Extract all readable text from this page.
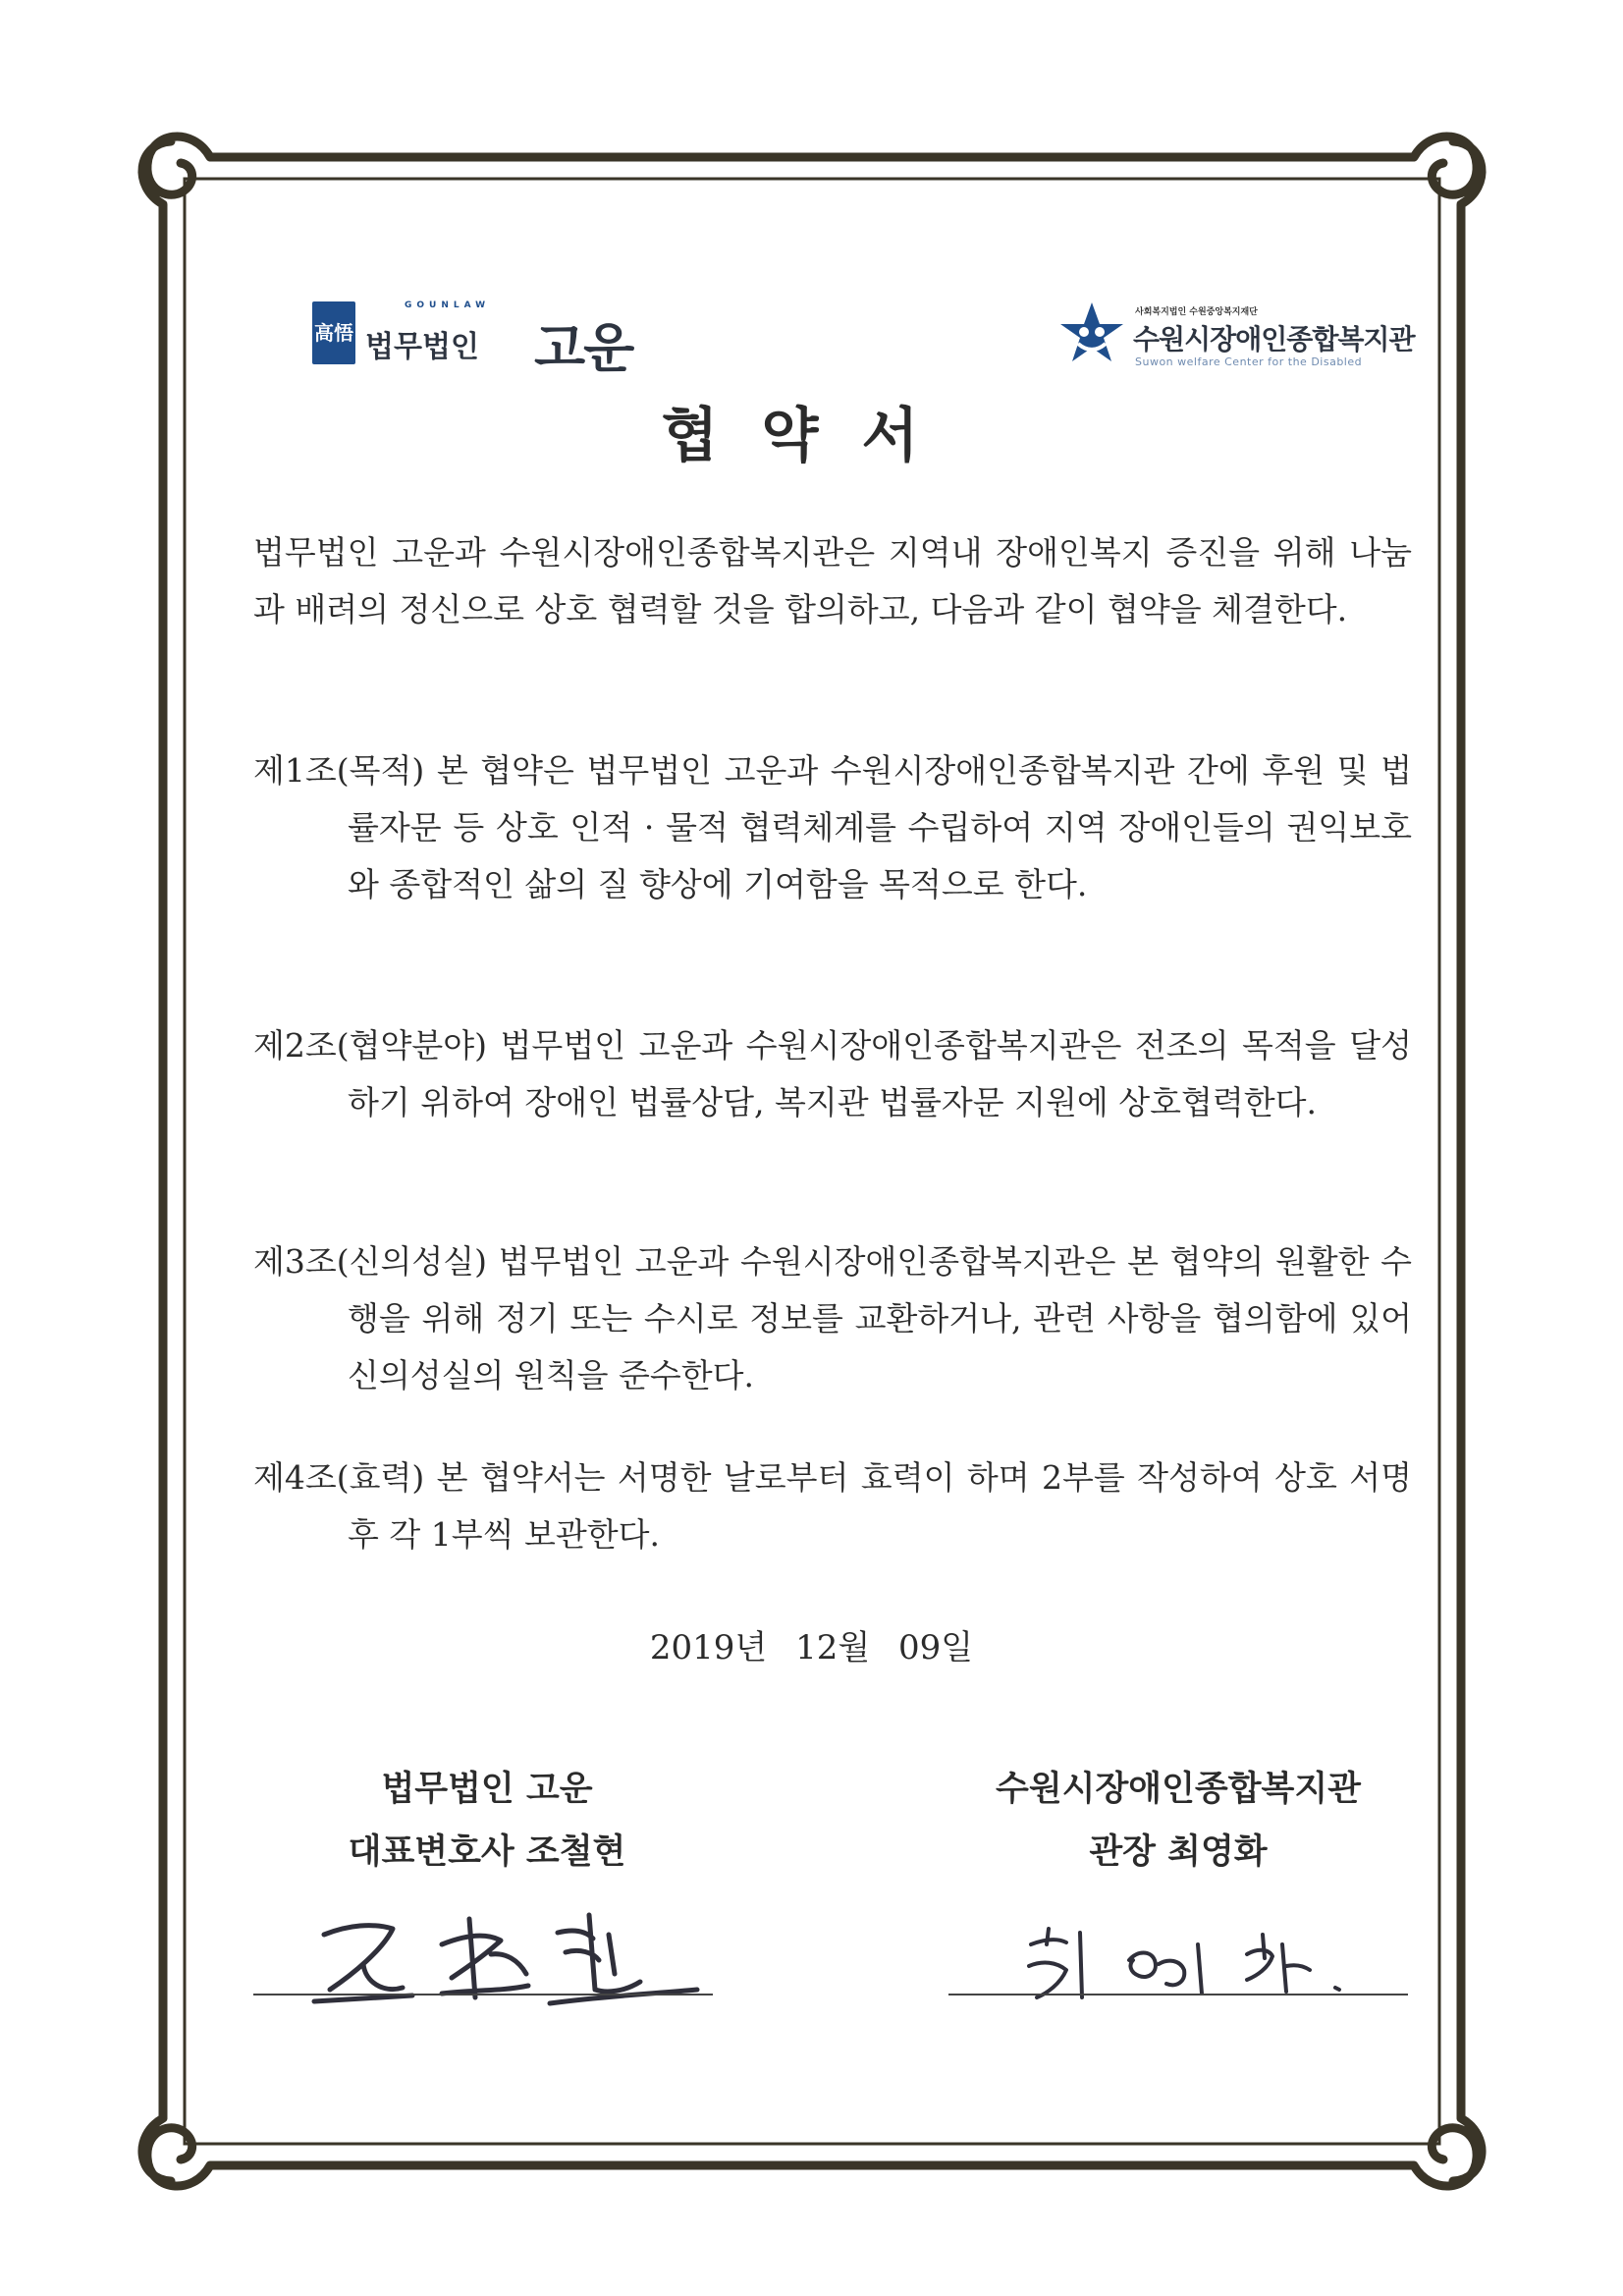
高悟
GOUNLAW
법무법인 고운
사회복지법인 수원중앙복지재단
수원시장애인종합복지관
Suwon welfare Center for the Disabled
협약서
법무법인 고운과 수원시장애인종합복지관은 지역내 장애인복지 증진을 위해 나눔과 배려의 정신으로 상호 협력할 것을 합의하고, 다음과 같이 협약을 체결한다.
제1조(목적) 본 협약은 법무법인 고운과 수원시장애인종합복지관 간에 후원 및 법률자문 등 상호 인적 · 물적 협력체계를 수립하여 지역 장애인들의 권익보호와 종합적인 삶의 질 향상에 기여함을 목적으로 한다.
제2조(협약분야) 법무법인 고운과 수원시장애인종합복지관은 전조의 목적을 달성하기 위하여 장애인 법률상담, 복지관 법률자문 지원에 상호협력한다.
제3조(신의성실) 법무법인 고운과 수원시장애인종합복지관은 본 협약의 원활한 수행을 위해 정기 또는 수시로 정보를 교환하거나, 관련 사항을 협의함에 있어 신의성실의 원칙을 준수한다.
제4조(효력) 본 협약서는 서명한 날로부터 효력이 하며 2부를 작성하여 상호 서명 후 각 1부씩 보관한다.
2019년 12월 09일
법무법인 고운
대표변호사 조철현
수원시장애인종합복지관
관장 최영화
